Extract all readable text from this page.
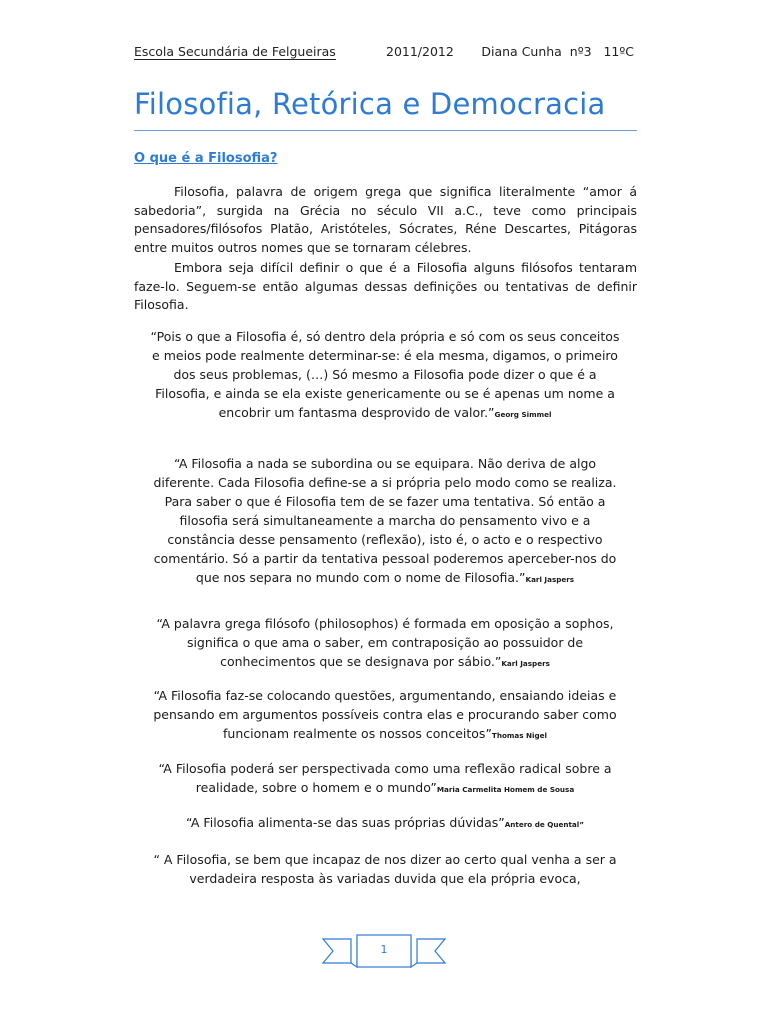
Escola Secundária de Felgueiras	2011/2012 Diana Cunha  nº3   11ºC
Filosofia, Retórica e Democracia
O que é a Filosofia?
Filosofia, palavra de origem grega que significa literalmente “amor á sabedoria”, surgida na Grécia no século VII a.C., teve como principais pensadores/filósofos Platão, Aristóteles, Sócrates, Réne Descartes, Pitágoras entre muitos outros nomes que se tornaram célebres.
Embora seja difícil definir o que é a Filosofia alguns filósofos tentaram faze-lo. Seguem-se então algumas dessas definições ou tentativas de definir Filosofia.
“Pois o que a Filosofia é, só dentro dela própria e só com os seus conceitos e meios pode realmente determinar-se: é ela mesma, digamos, o primeiro dos seus problemas, (…) Só mesmo a Filosofia pode dizer o que é a Filosofia, e ainda se ela existe genericamente ou se é apenas um nome a encobrir um fantasma desprovido de valor.”Georg Simmel
“A Filosofia a nada se subordina ou se equipara. Não deriva de algo diferente. Cada Filosofia define-se a si própria pelo modo como se realiza. Para saber o que é Filosofia tem de se fazer uma tentativa. Só então a filosofia será simultaneamente a marcha do pensamento vivo e a constância desse pensamento (reflexão), isto é, o acto e o respectivo comentário. Só a partir da tentativa pessoal poderemos aperceber-nos do que nos separa no mundo com o nome de Filosofia.”Karl Jaspers
“A palavra grega filósofo (philosophos) é formada em oposição a sophos, significa o que ama o saber, em contraposição ao possuidor de conhecimentos que se designava por sábio.”Karl Jaspers
“A Filosofia faz-se colocando questões, argumentando, ensaiando ideias e pensando em argumentos possíveis contra elas e procurando saber como funcionam realmente os nossos conceitos”Thomas Nigel
“A Filosofia poderá ser perspectivada como uma reflexão radical sobre a realidade, sobre o homem e o mundo”Maria Carmelita Homem de Sousa
“A Filosofia alimenta-se das suas próprias dúvidas”Antero de Quental”
“ A Filosofia, se bem que incapaz de nos dizer ao certo qual venha a ser a verdadeira resposta às variadas duvida que ela própria evoca,
1
